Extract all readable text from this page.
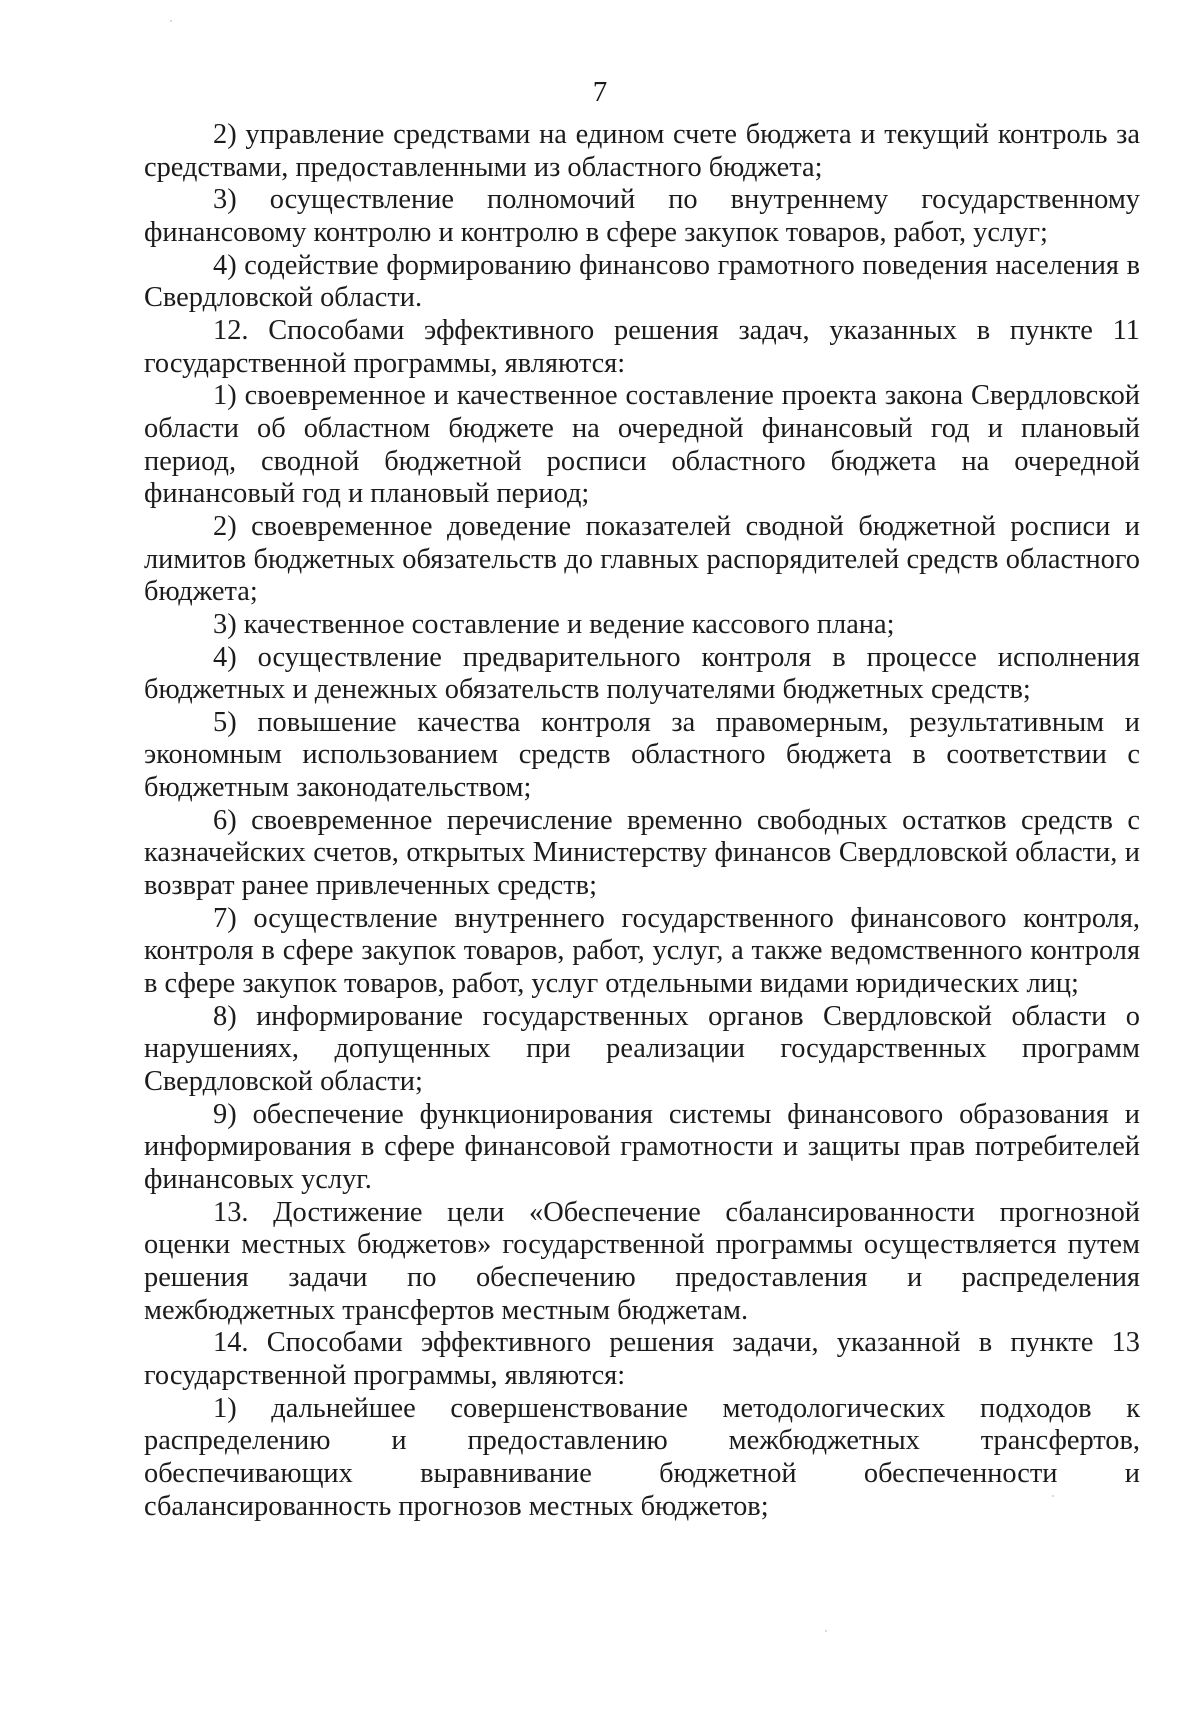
7

2) управление средствами на едином счете бюджета и текущий контроль за средствами, предоставленными из областного бюджета;

3) осуществление полномочий по внутреннему государственному финансовому контролю и контролю в сфере закупок товаров, работ, услуг;

4) содействие формированию финансово грамотного поведения населения в Свердловской области.

12. Способами эффективного решения задач, указанных в пункте 11 государственной программы, являются:

1) своевременное и качественное составление проекта закона Свердловской области об областном бюджете на очередной финансовый год и плановый период, сводной бюджетной росписи областного бюджета на очередной финансовый год и плановый период;

2) своевременное доведение показателей сводной бюджетной росписи и лимитов бюджетных обязательств до главных распорядителей средств областного бюджета;

3) качественное составление и ведение кассового плана;

4) осуществление предварительного контроля в процессе исполнения бюджетных и денежных обязательств получателями бюджетных средств;

5) повышение качества контроля за правомерным, результативным и экономным использованием средств областного бюджета в соответствии с бюджетным законодательством;

6) своевременное перечисление временно свободных остатков средств с казначейских счетов, открытых Министерству финансов Свердловской области, и возврат ранее привлеченных средств;

7) осуществление внутреннего государственного финансового контроля, контроля в сфере закупок товаров, работ, услуг, а также ведомственного контроля в сфере закупок товаров, работ, услуг отдельными видами юридических лиц;

8) информирование государственных органов Свердловской области о нарушениях, допущенных при реализации государственных программ Свердловской области;

9) обеспечение функционирования системы финансового образования и информирования в сфере финансовой грамотности и защиты прав потребителей финансовых услуг.

13. Достижение цели «Обеспечение сбалансированности прогнозной оценки местных бюджетов» государственной программы осуществляется путем решения задачи по обеспечению предоставления и распределения межбюджетных трансфертов местным бюджетам.

14. Способами эффективного решения задачи, указанной в пункте 13 государственной программы, являются:

1) дальнейшее совершенствование методологических подходов к распределению и предоставлению межбюджетных трансфертов, обеспечивающих выравнивание бюджетной обеспеченности и сбалансированность прогнозов местных бюджетов;
